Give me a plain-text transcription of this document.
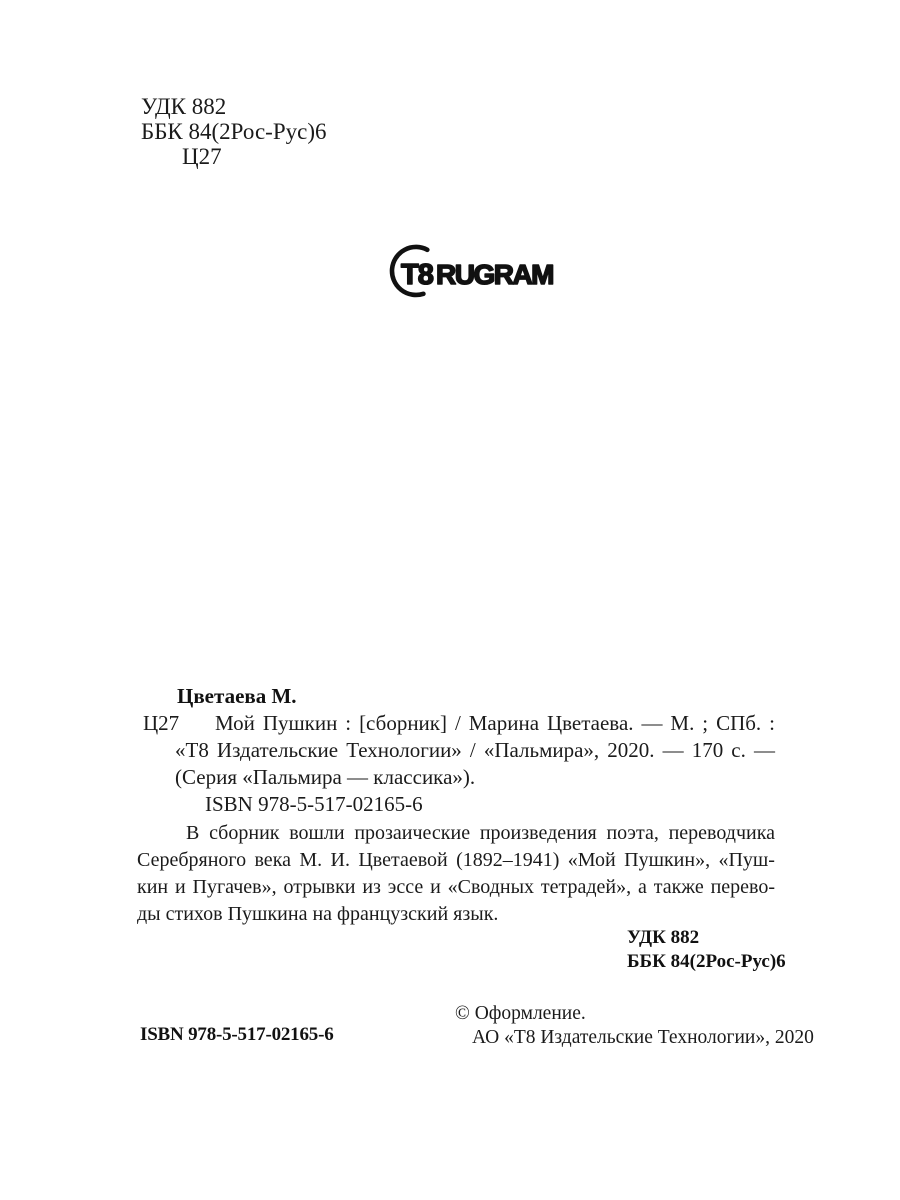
УДК 882
ББК 84(2Рос-Рус)6
Ц27
T8 RUGRAM
Цветаева М.
Ц27 Мой Пушкин : [сборник] / Марина Цветаева. — М. ; СПб. :
«Т8 Издательские Технологии» / «Пальмира», 2020. — 170 с. —
(Серия «Пальмира — классика»).
ISBN 978-5-517-02165-6
В сборник вошли прозаические произведения поэта, переводчика
Серебряного века М. И. Цветаевой (1892–1941) «Мой Пушкин», «Пуш-
кин и Пугачев», отрывки из эссе и «Сводных тетрадей», а также перево-
ды стихов Пушкина на французский язык.
УДК 882
ББК 84(2Рос-Рус)6
ISBN 978-5-517-02165-6
© Оформление.
АО «Т8 Издательские Технологии», 2020
